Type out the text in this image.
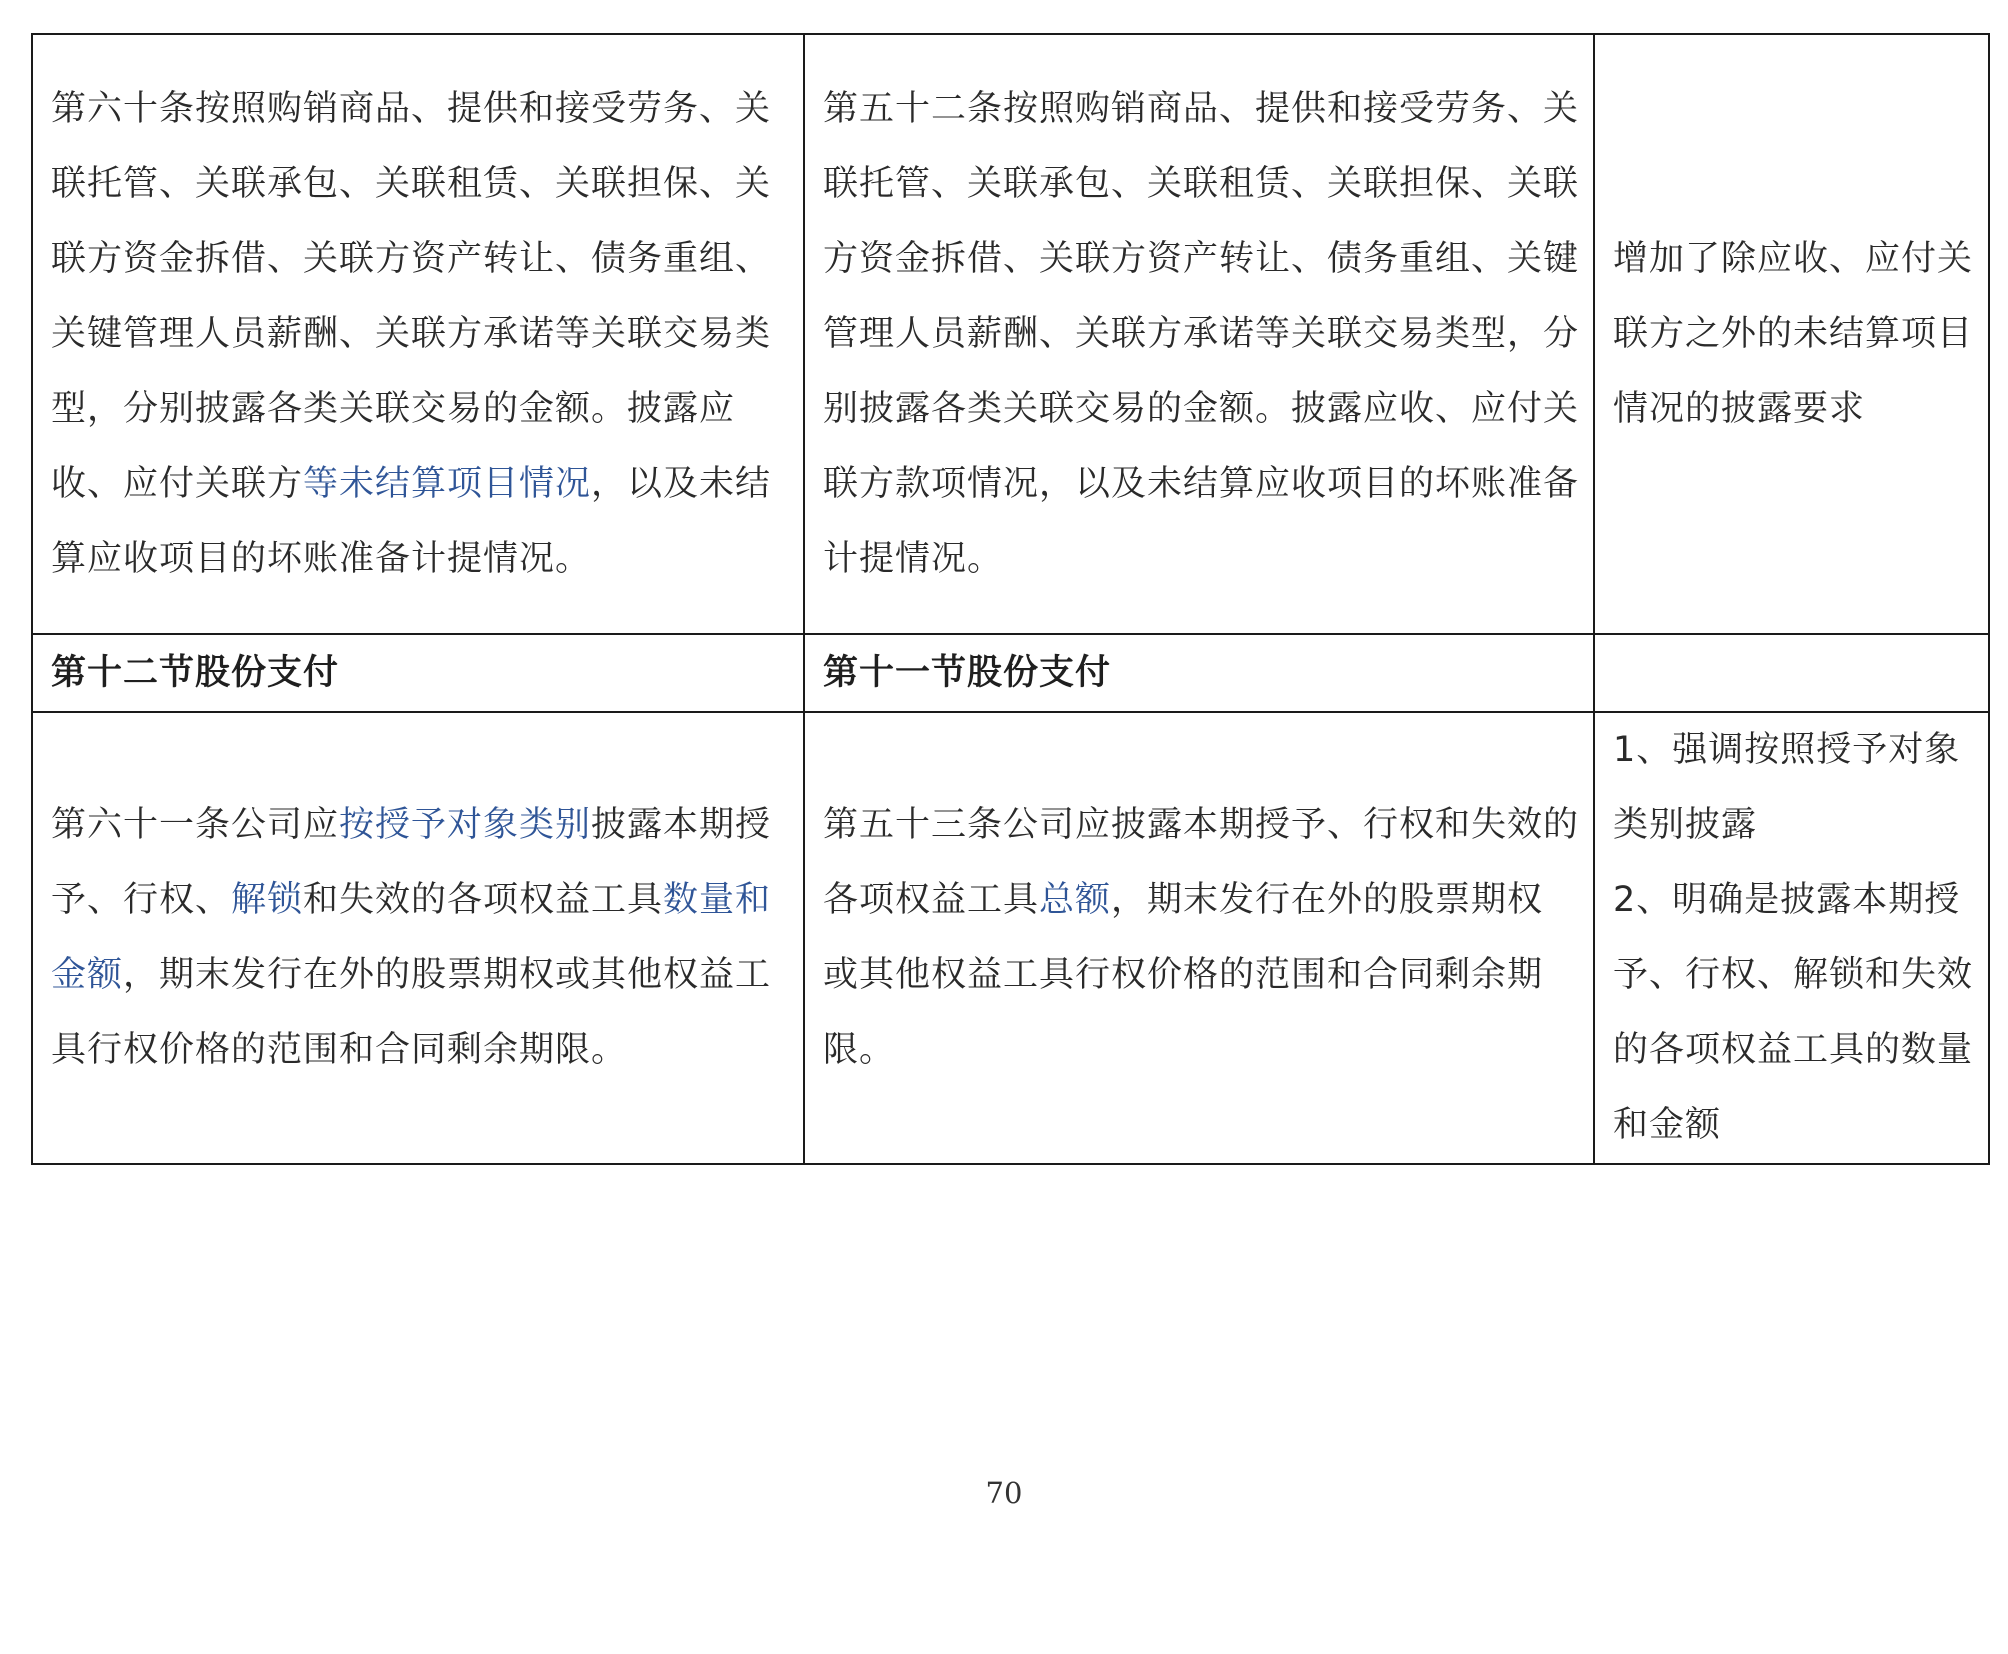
第六十条按照购销商品、提供和接受劳务、关联托管、关联承包、关联租赁、关联担保、关联方资金拆借、关联方资产转让、债务重组、关键管理人员薪酬、关联方承诺等关联交易类型，分别披露各类关联交易的金额。披露应收、应付关联方等未结算项目情况，以及未结算应收项目的坏账准备计提情况。	第五十二条按照购销商品、提供和接受劳务、关联托管、关联承包、关联租赁、关联担保、关联方资金拆借、关联方资产转让、债务重组、关键管理人员薪酬、关联方承诺等关联交易类型，分别披露各类关联交易的金额。披露应收、应付关联方款项情况，以及未结算应收项目的坏账准备计提情况。	增加了除应收、应付关联方之外的未结算项目情况的披露要求
第十二节股份支付	第十一节股份支付	
第六十一条公司应按授予对象类别披露本期授予、行权、解锁和失效的各项权益工具数量和金额，期末发行在外的股票期权或其他权益工具行权价格的范围和合同剩余期限。	第五十三条公司应披露本期授予、行权和失效的各项权益工具总额，期末发行在外的股票期权或其他权益工具行权价格的范围和合同剩余期限。	1、强调按照授予对象类别披露
2、明确是披露本期授予、行权、解锁和失效的各项权益工具的数量和金额
70
